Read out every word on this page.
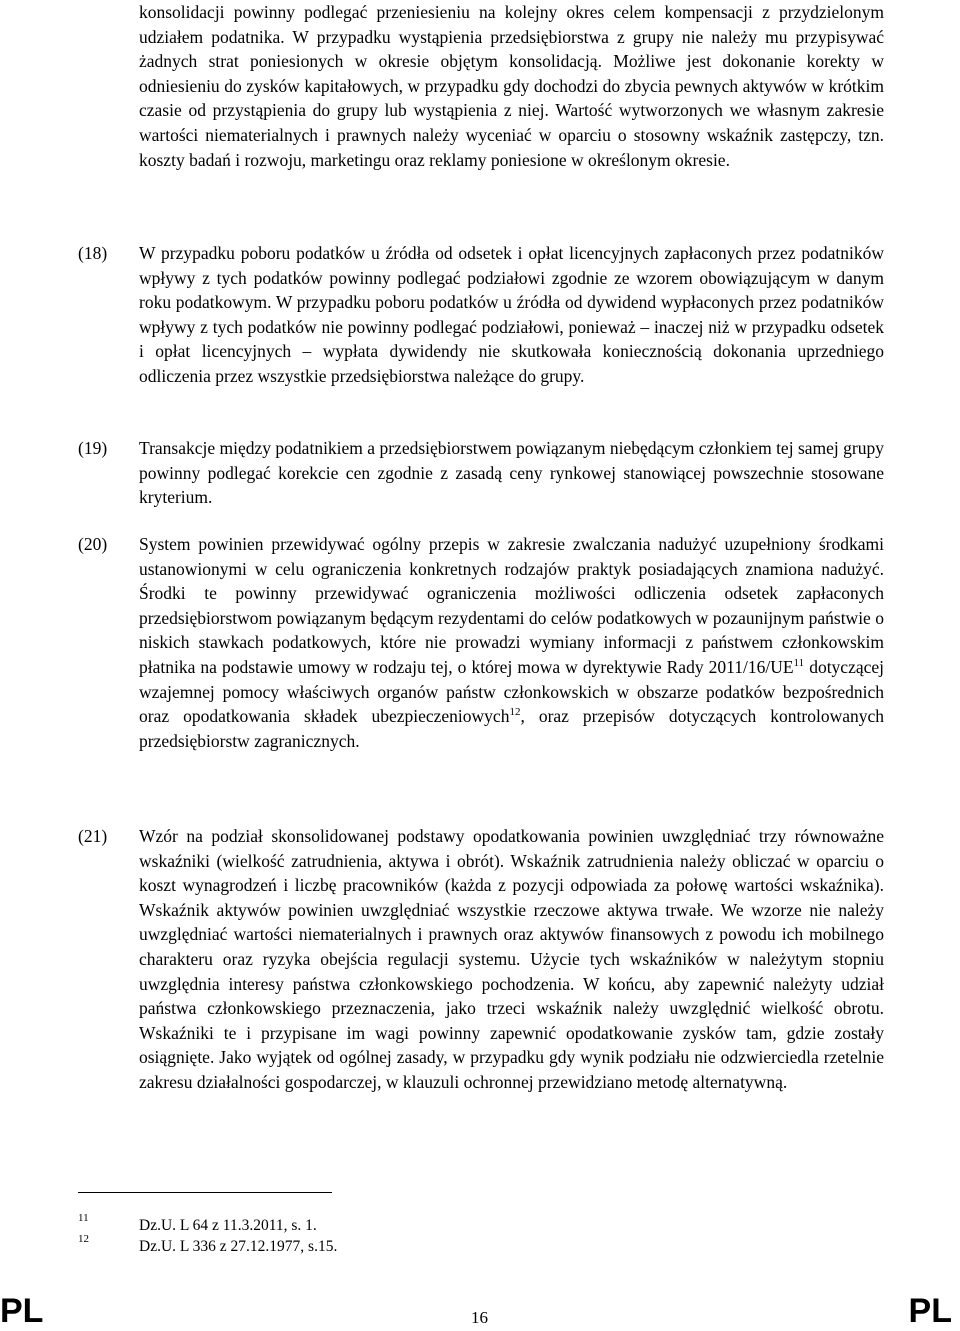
konsolidacji powinny podlegać przeniesieniu na kolejny okres celem kompensacji z przydzielonym udziałem podatnika. W przypadku wystąpienia przedsiębiorstwa z grupy nie należy mu przypisywać żadnych strat poniesionych w okresie objętym konsolidacją. Możliwe jest dokonanie korekty w odniesieniu do zysków kapitałowych, w przypadku gdy dochodzi do zbycia pewnych aktywów w krótkim czasie od przystąpienia do grupy lub wystąpienia z niej. Wartość wytworzonych we własnym zakresie wartości niematerialnych i prawnych należy wyceniać w oparciu o stosowny wskaźnik zastępczy, tzn. koszty badań i rozwoju, marketingu oraz reklamy poniesione w określonym okresie.
(18) W przypadku poboru podatków u źródła od odsetek i opłat licencyjnych zapłaconych przez podatników wpływy z tych podatków powinny podlegać podziałowi zgodnie ze wzorem obowiązującym w danym roku podatkowym. W przypadku poboru podatków u źródła od dywidend wypłaconych przez podatników wpływy z tych podatków nie powinny podlegać podziałowi, ponieważ – inaczej niż w przypadku odsetek i opłat licencyjnych – wypłata dywidendy nie skutkowała koniecznością dokonania uprzedniego odliczenia przez wszystkie przedsiębiorstwa należące do grupy.
(19) Transakcje między podatnikiem a przedsiębiorstwem powiązanym niebędącym członkiem tej samej grupy powinny podlegać korekcie cen zgodnie z zasadą ceny rynkowej stanowiącej powszechnie stosowane kryterium.
(20) System powinien przewidywać ogólny przepis w zakresie zwalczania nadużyć uzupełniony środkami ustanowionymi w celu ograniczenia konkretnych rodzajów praktyk posiadających znamiona nadużyć. Środki te powinny przewidywać ograniczenia możliwości odliczenia odsetek zapłaconych przedsiębiorstwom powiązanym będącym rezydentami do celów podatkowych w pozaunijnym państwie o niskich stawkach podatkowych, które nie prowadzi wymiany informacji z państwem członkowskim płatnika na podstawie umowy w rodzaju tej, o której mowa w dyrektywie Rady 2011/16/UE$^{11}$ dotyczącej wzajemnej pomocy właściwych organów państw członkowskich w obszarze podatków bezpośrednich oraz opodatkowania składek ubezpieczeniowych$^{12}$, oraz przepisów dotyczących kontrolowanych przedsiębiorstw zagranicznych.
(21) Wzór na podział skonsolidowanej podstawy opodatkowania powinien uwzględniać trzy równoważne wskaźniki (wielkość zatrudnienia, aktywa i obrót). Wskaźnik zatrudnienia należy obliczać w oparciu o koszt wynagrodzeń i liczbę pracowników (każda z pozycji odpowiada za połowę wartości wskaźnika). Wskaźnik aktywów powinien uwzględniać wszystkie rzeczowe aktywa trwałe. We wzorze nie należy uwzględniać wartości niematerialnych i prawnych oraz aktywów finansowych z powodu ich mobilnego charakteru oraz ryzyka obejścia regulacji systemu. Użycie tych wskaźników w należytym stopniu uwzględnia interesy państwa członkowskiego pochodzenia. W końcu, aby zapewnić należyty udział państwa członkowskiego przeznaczenia, jako trzeci wskaźnik należy uwzględnić wielkość obrotu. Wskaźniki te i przypisane im wagi powinny zapewnić opodatkowanie zysków tam, gdzie zostały osiągnięte. Jako wyjątek od ogólnej zasady, w przypadku gdy wynik podziału nie odzwierciedla rzetelnie zakresu działalności gospodarczej, w klauzuli ochronnej przewidziano metodę alternatywną.
11	Dz.U. L 64 z 11.3.2011, s. 1.
12	Dz.U. L 336 z 27.12.1977, s.15.
PL	16	PL
